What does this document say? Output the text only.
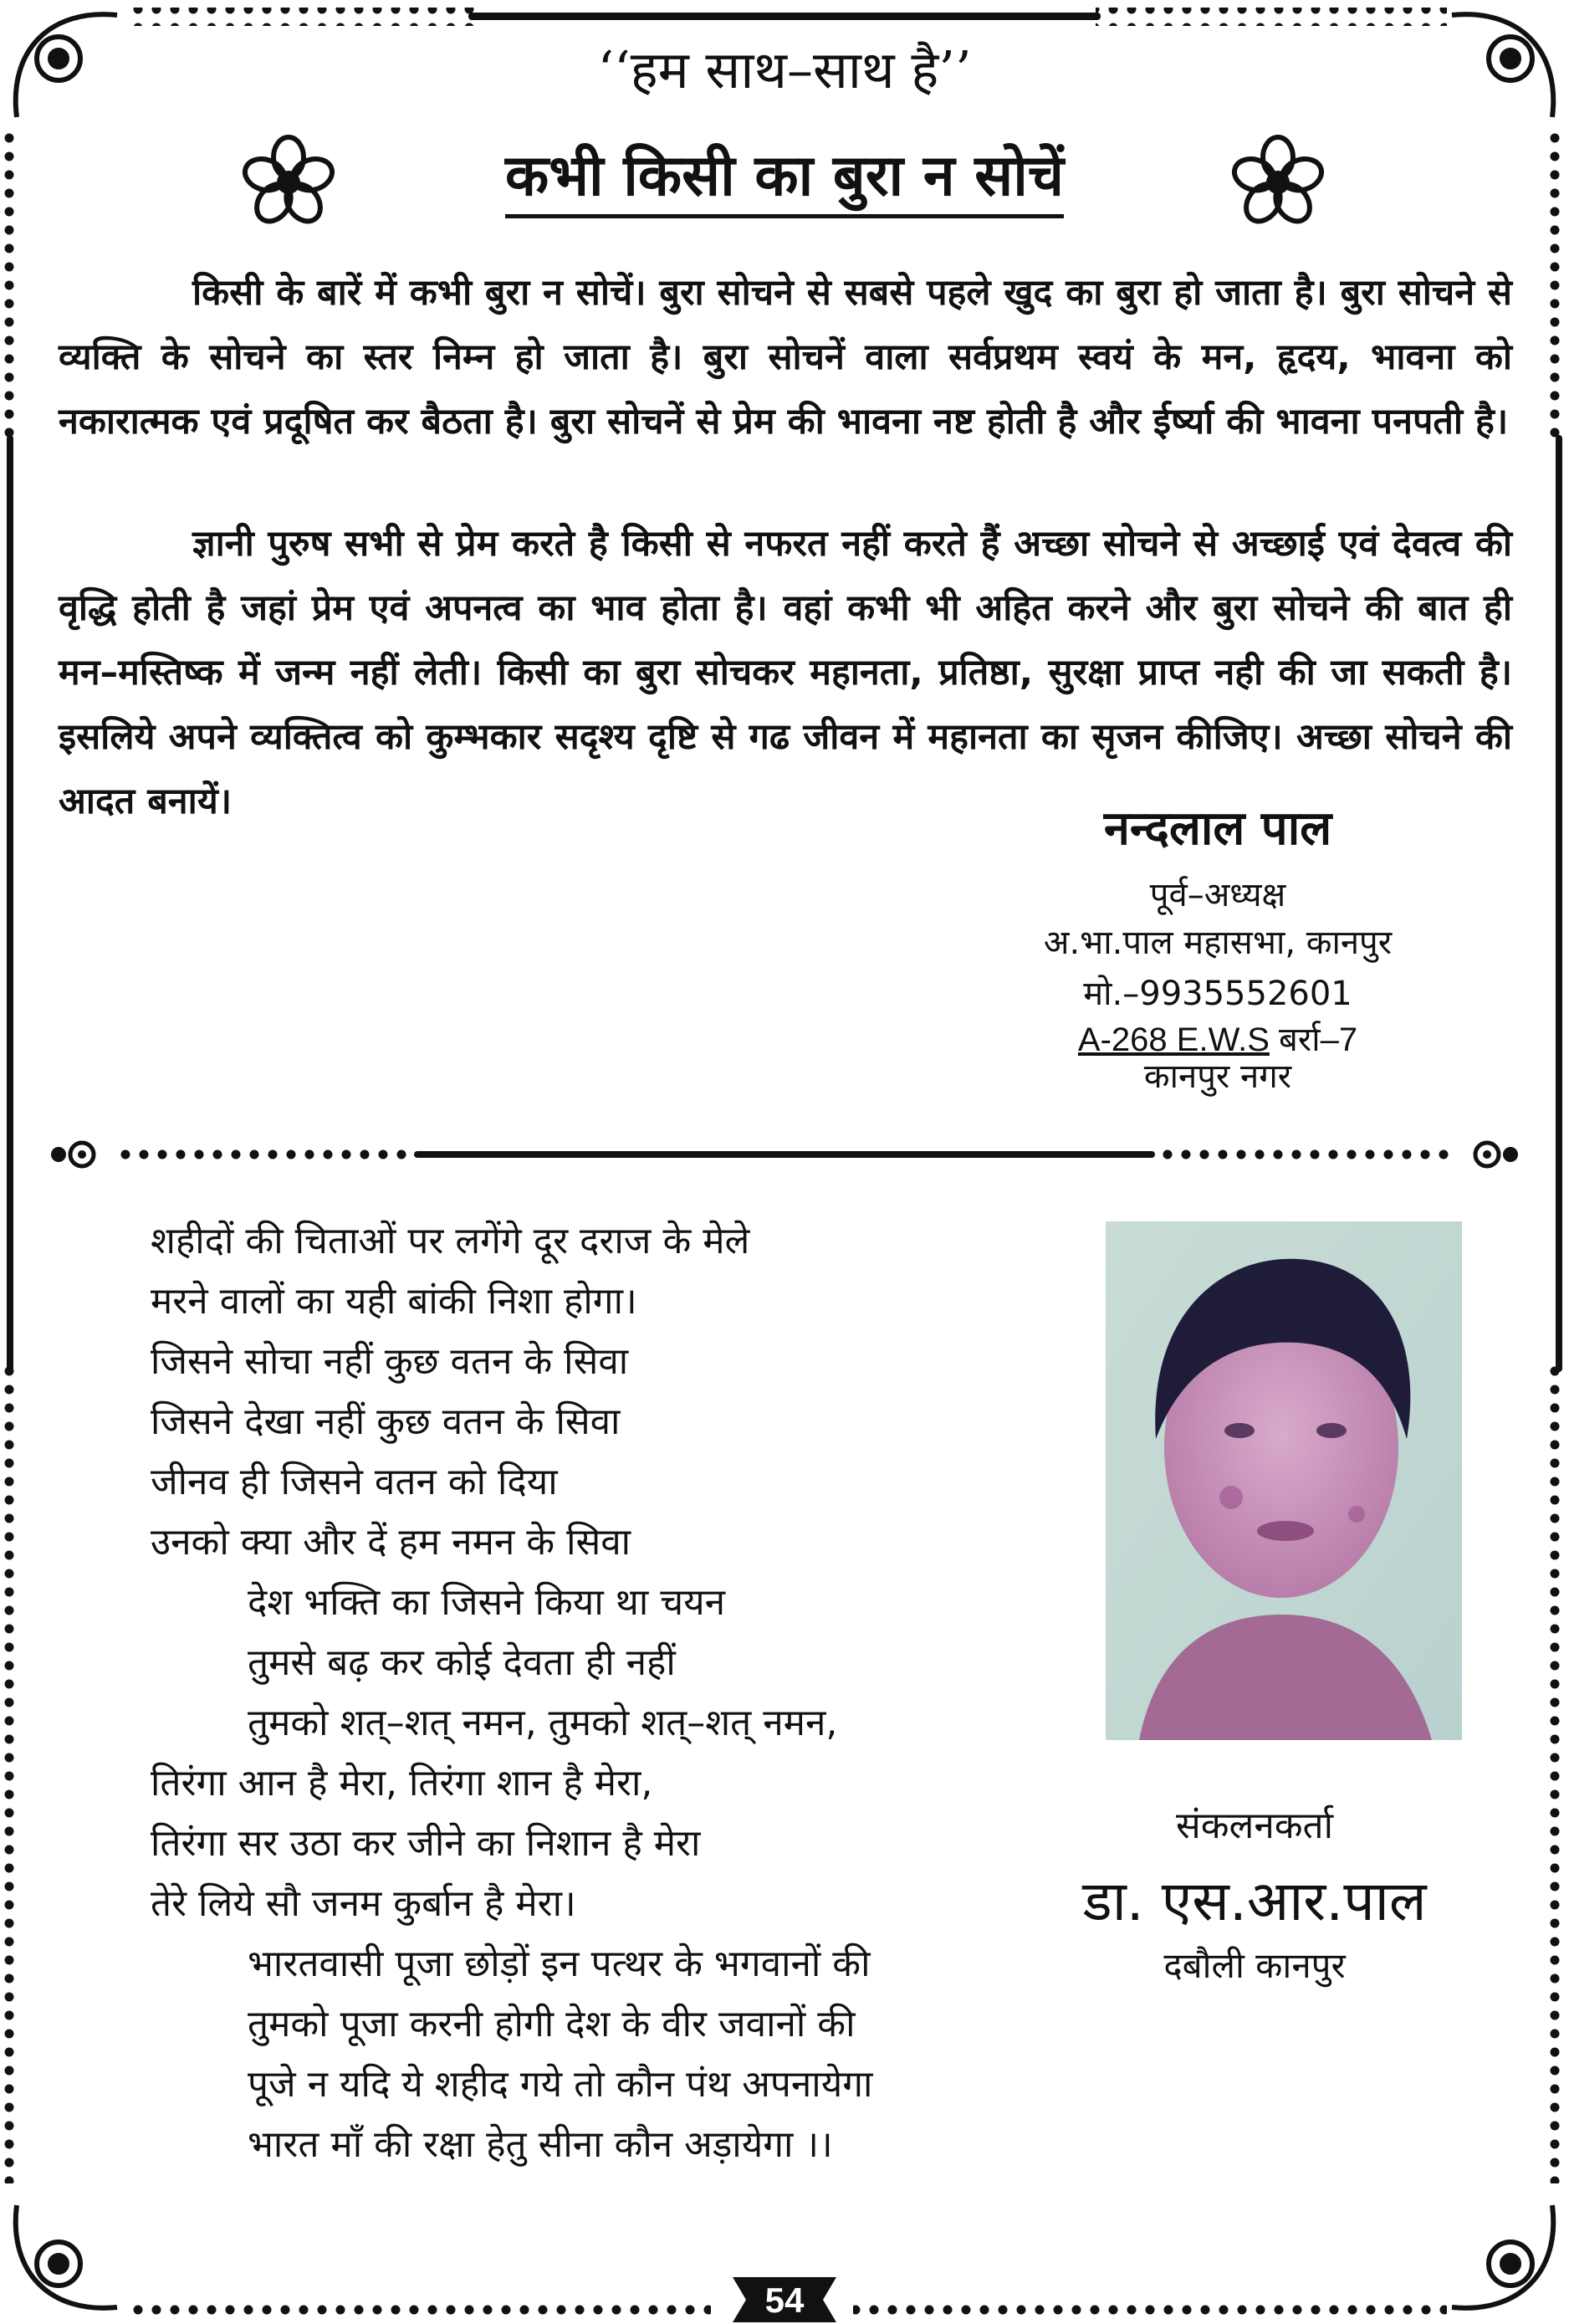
‘‘हम साथ–साथ है’’
कभी किसी का बुरा न सोचें

किसी के बारें में कभी बुरा न सोचें। बुरा सोचने से सबसे पहले खुद का बुरा हो जाता है। बुरा सोचने से व्यक्ति के सोचने का स्तर निम्न हो जाता है। बुरा सोचनें वाला सर्वप्रथम स्वयं के मन, हृदय, भावना को नकारात्मक एवं प्रदूषित कर बैठता है। बुरा सोचनें से प्रेम की भावना नष्ट होती है और ईर्ष्या की भावना पनपती है।

ज्ञानी पुरुष सभी से प्रेम करते है किसी से नफरत नहीं करते हैं अच्छा सोचने से अच्छाई एवं देवत्व की वृद्धि होती है जहां प्रेम एवं अपनत्व का भाव होता है। वहां कभी भी अहित करने और बुरा सोचने की बात ही मन–मस्तिष्क में जन्म नहीं लेती। किसी का बुरा सोचकर महानता, प्रतिष्ठा, सुरक्षा प्राप्त नही की जा सकती है। इसलिये अपने व्यक्तित्व को कुम्भकार सदृश्य दृष्टि से गढ जीवन में महानता का सृजन कीजिए। अच्छा सोचने की आदत बनायें।	नन्दलाल पाल
पूर्व–अध्यक्ष
अ.भा.पाल महासभा, कानपुर
मो.–9935552601
A-268 E.W.S बर्रा–7
कानपुर नगर
शहीदों की चिताओं पर लगेंगे दूर दराज के मेले
मरने वालों का यही बांकी निशा होगा।
जिसने सोचा नहीं कुछ वतन के सिवा
जिसने देखा नहीं कुछ वतन के सिवा
जीनव ही जिसने वतन को दिया
उनको क्या और दें हम नमन के सिवा
देश भक्ति का जिसने किया था चयन
तुमसे बढ़ कर कोई देवता ही नहीं
तुमको शत्–शत् नमन, तुमको शत्–शत् नमन,
तिरंगा आन है मेरा, तिरंगा शान है मेरा,
तिरंगा सर उठा कर जीने का निशान है मेरा
तेरे लिये सौ जनम कुर्बान है मेरा।
भारतवासी पूजा छोड़ों इन पत्थर के भगवानों की
तुमको पूजा करनी होगी देश के वीर जवानों की
पूजे न यदि ये शहीद गये तो कौन पंथ अपनायेगा
भारत माँ की रक्षा हेतु सीना कौन अड़ायेगा ।।
संकलनकर्ता
डा. एस.आर.पाल
दबौली कानपुर
54
